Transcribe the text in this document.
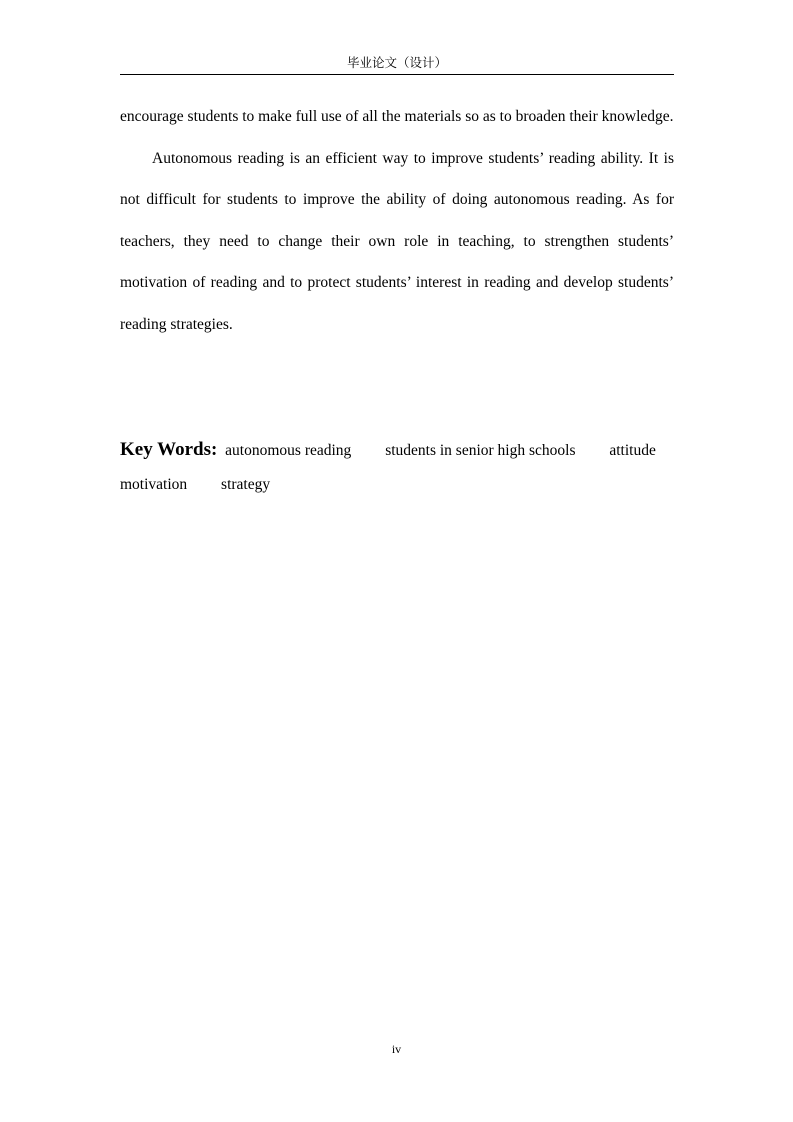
毕业论文（设计）

encourage students to make full use of all the materials so as to broaden their knowledge.

Autonomous reading is an efficient way to improve students’ reading ability. It is not difficult for students to improve the ability of doing autonomous reading. As for teachers, they need to change their own role in teaching, to strengthen students’ motivation of reading and to protect students’ interest in reading and develop students’ reading strategies.

Key Words: autonomous reading students in senior high schools attitude
motivation strategy
iv
